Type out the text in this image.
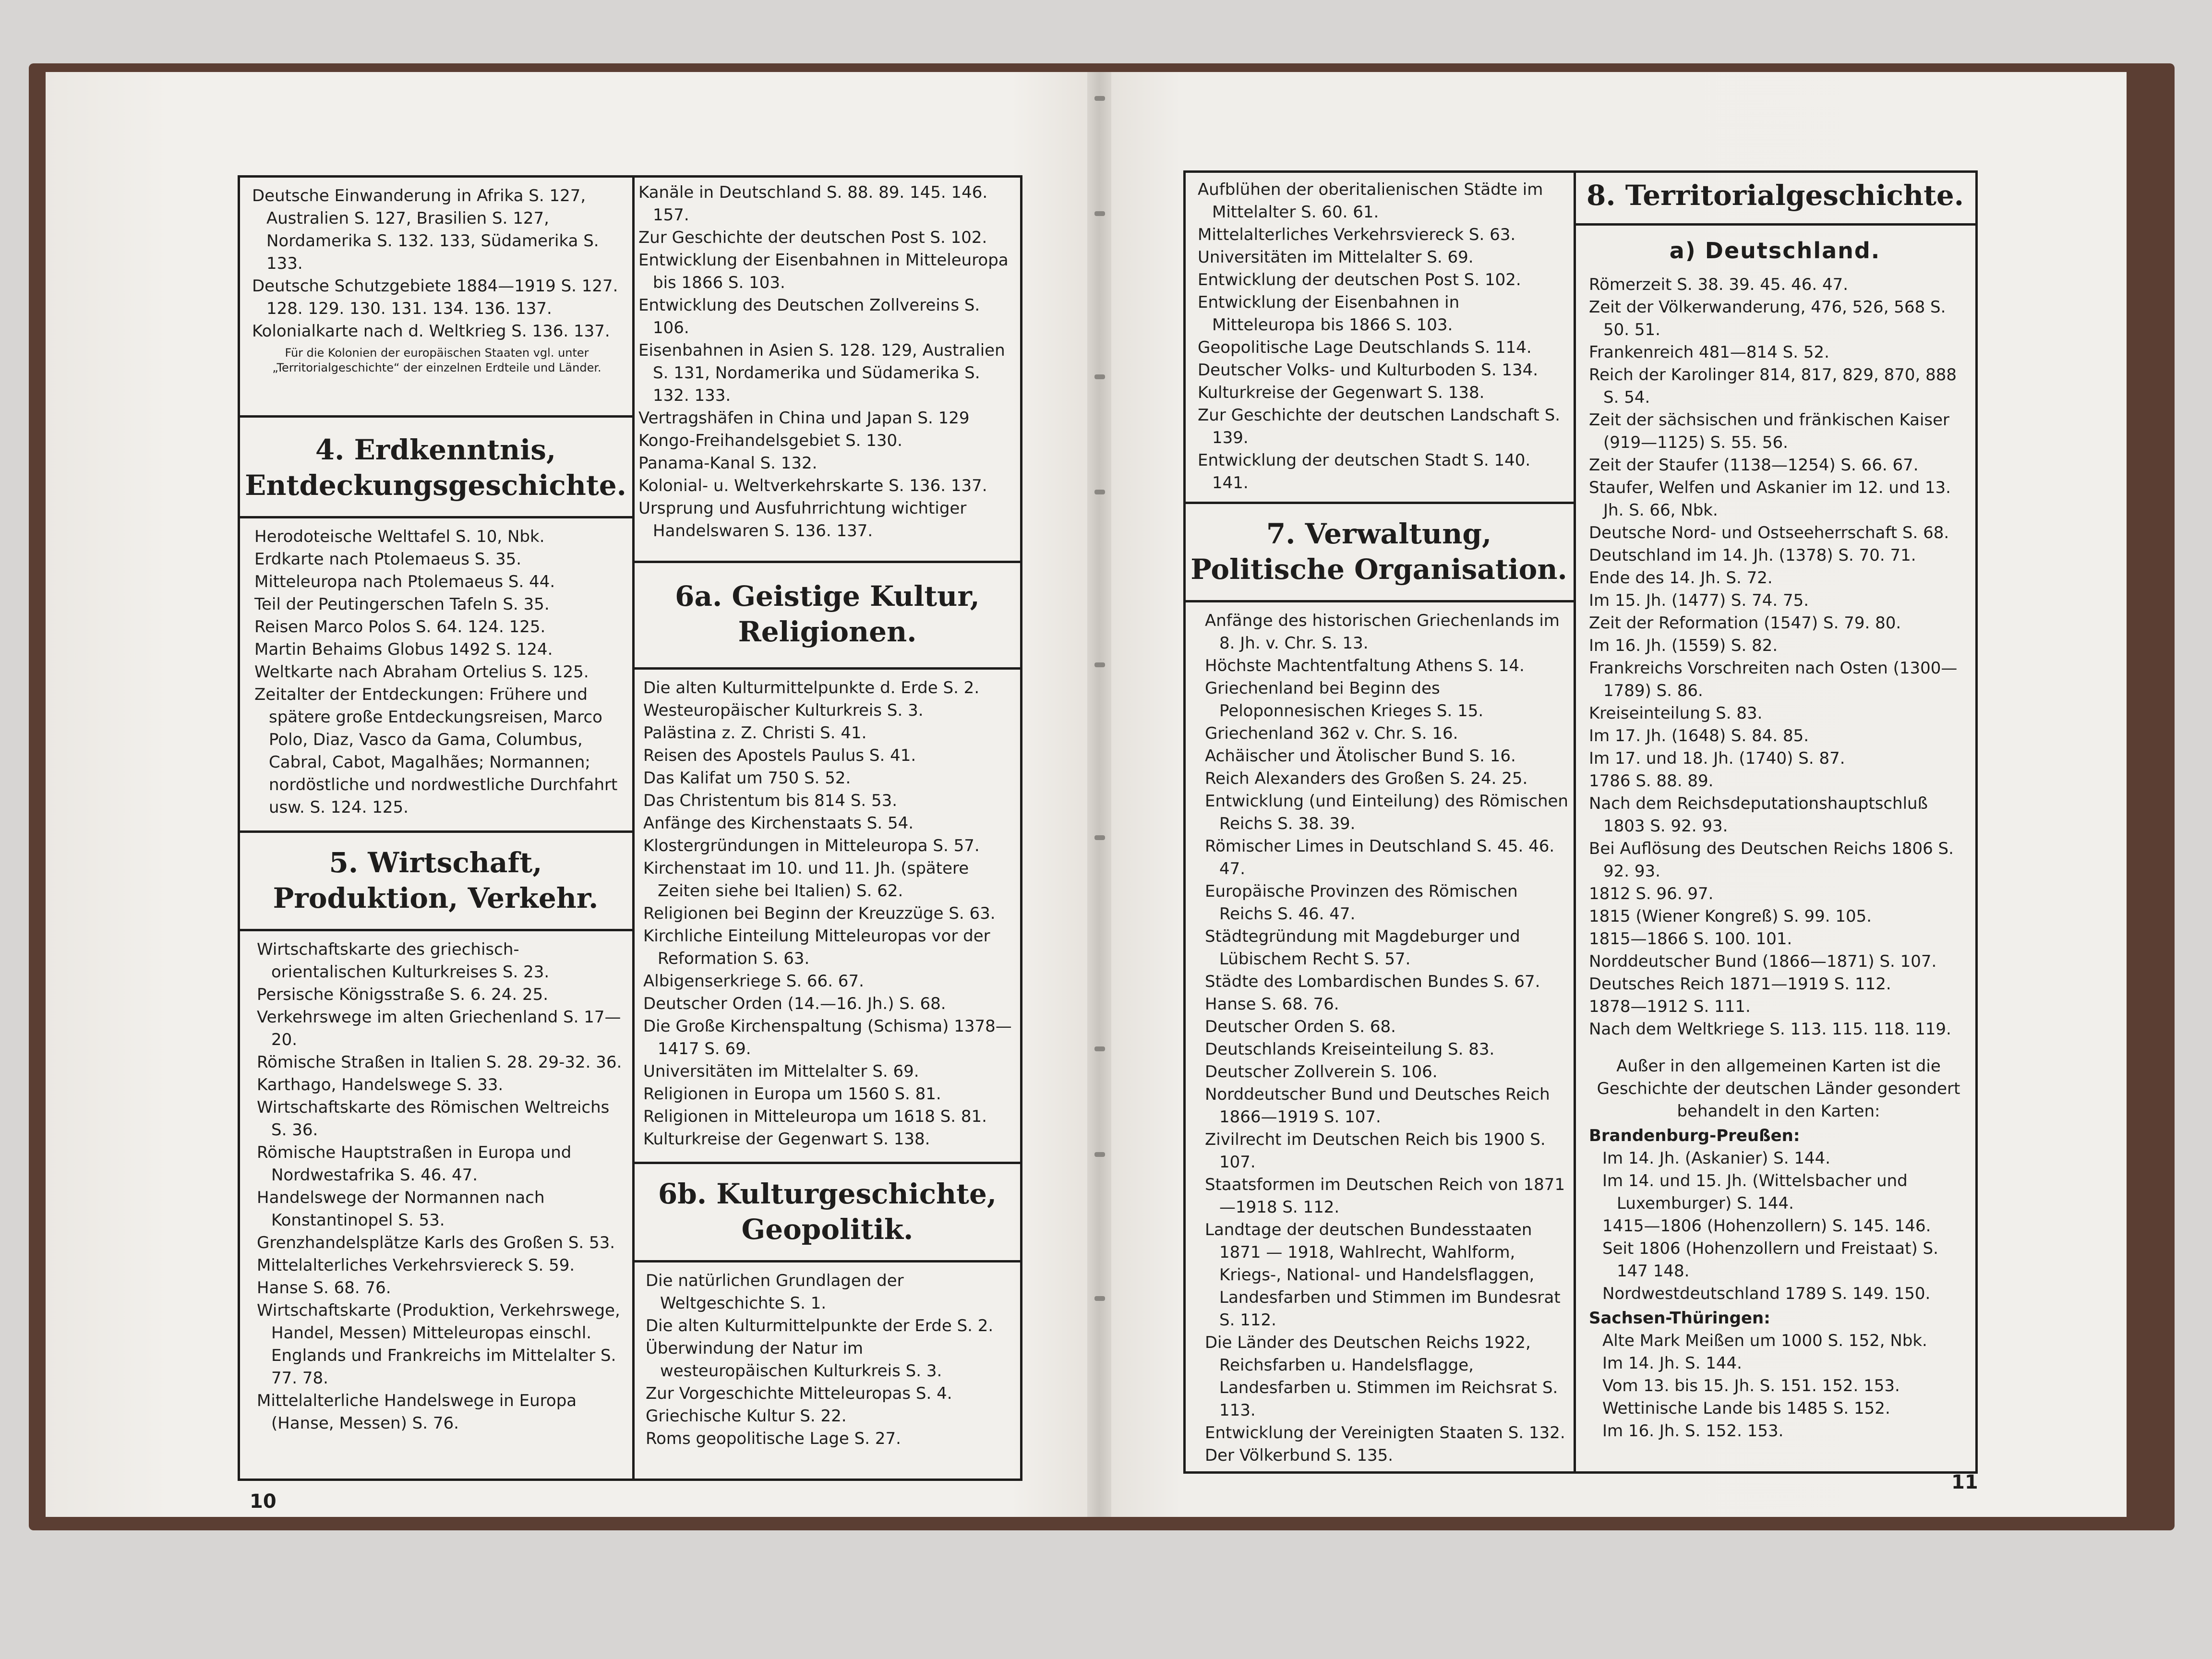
Deutsche Einwanderung in Afrika S. 127, Australien S. 127, Brasilien S. 127, Nordamerika S. 132. 133, Südamerika S. 133.

Deutsche Schutzgebiete 1884—1919 S. 127. 128. 129. 130. 131. 134. 136. 137.

Kolonialkarte nach d. Weltkrieg S. 136. 137.

Für die Kolonien der europäischen Staaten vgl. unter „Territorialgeschichte“ der einzelnen Erdteile und Länder.

4. Erdkenntnis, Entdeckungsgeschichte.

Herodoteische Welttafel S. 10, Nbk.

Erdkarte nach Ptolemaeus S. 35.

Mitteleuropa nach Ptolemaeus S. 44.

Teil der Peutingerschen Tafeln S. 35.

Reisen Marco Polos S. 64. 124. 125.

Martin Behaims Globus 1492 S. 124.

Weltkarte nach Abraham Ortelius S. 125.

Zeitalter der Entdeckungen: Frühere und spätere große Entdeckungsreisen, Marco Polo, Diaz, Vasco da Gama, Columbus, Cabral, Cabot, Magalhães; Normannen; nordöstliche und nordwestliche Durchfahrt usw. S. 124. 125.

5. Wirtschaft, Produktion, Verkehr.

Wirtschaftskarte des griechisch-orientalischen Kulturkreises S. 23.

Persische Königsstraße S. 6. 24. 25.

Verkehrswege im alten Griechenland S. 17—20.

Römische Straßen in Italien S. 28. 29-32. 36.

Karthago, Handelswege S. 33.

Wirtschaftskarte des Römischen Weltreichs S. 36.

Römische Hauptstraßen in Europa und Nordwestafrika S. 46. 47.

Handelswege der Normannen nach Konstantinopel S. 53.

Grenzhandelsplätze Karls des Großen S. 53.

Mittelalterliches Verkehrsviereck S. 59.

Hanse S. 68. 76.

Wirtschaftskarte (Produktion, Verkehrswege, Handel, Messen) Mitteleuropas einschl. Englands und Frankreichs im Mittelalter S. 77. 78.

Mittelalterliche Handelswege in Europa (Hanse, Messen) S. 76.

Kanäle in Deutschland S. 88. 89. 145. 146. 157.

Zur Geschichte der deutschen Post S. 102.

Entwicklung der Eisenbahnen in Mitteleuropa bis 1866 S. 103.

Entwicklung des Deutschen Zollvereins S. 106.

Eisenbahnen in Asien S. 128. 129, Australien S. 131, Nordamerika und Südamerika S. 132. 133.

Vertragshäfen in China und Japan S. 129

Kongo-Freihandelsgebiet S. 130.

Panama-Kanal S. 132.

Kolonial- u. Weltverkehrskarte S. 136. 137.

Ursprung und Ausfuhrrichtung wichtiger Handelswaren S. 136. 137.

6a. Geistige Kultur, Religionen.

Die alten Kulturmittelpunkte d. Erde S. 2.

Westeuropäischer Kulturkreis S. 3.

Palästina z. Z. Christi S. 41.

Reisen des Apostels Paulus S. 41.

Das Kalifat um 750 S. 52.

Das Christentum bis 814 S. 53.

Anfänge des Kirchenstaats S. 54.

Klostergründungen in Mitteleuropa S. 57.

Kirchenstaat im 10. und 11. Jh. (spätere Zeiten siehe bei Italien) S. 62.

Religionen bei Beginn der Kreuzzüge S. 63.

Kirchliche Einteilung Mitteleuropas vor der Reformation S. 63.

Albigenserkriege S. 66. 67.

Deutscher Orden (14.—16. Jh.) S. 68.

Die Große Kirchenspaltung (Schisma) 1378—1417 S. 69.

Universitäten im Mittelalter S. 69.

Religionen in Europa um 1560 S. 81.

Religionen in Mitteleuropa um 1618 S. 81.

Kulturkreise der Gegenwart S. 138.

6b. Kulturgeschichte, Geopolitik.

Die natürlichen Grundlagen der Weltgeschichte S. 1.

Die alten Kulturmittelpunkte der Erde S. 2.

Überwindung der Natur im westeuropäischen Kulturkreis S. 3.

Zur Vorgeschichte Mitteleuropas S. 4.

Griechische Kultur S. 22.

Roms geopolitische Lage S. 27.

10

Aufblühen der oberitalienischen Städte im Mittelalter S. 60. 61.

Mittelalterliches Verkehrsviereck S. 63.

Universitäten im Mittelalter S. 69.

Entwicklung der deutschen Post S. 102.

Entwicklung der Eisenbahnen in Mitteleuropa bis 1866 S. 103.

Geopolitische Lage Deutschlands S. 114.

Deutscher Volks- und Kulturboden S. 134.

Kulturkreise der Gegenwart S. 138.

Zur Geschichte der deutschen Landschaft S. 139.

Entwicklung der deutschen Stadt S. 140. 141.

7. Verwaltung, Politische Organisation.

Anfänge des historischen Griechenlands im 8. Jh. v. Chr. S. 13.

Höchste Machtentfaltung Athens S. 14.

Griechenland bei Beginn des Peloponnesischen Krieges S. 15.

Griechenland 362 v. Chr. S. 16.

Achäischer und Ätolischer Bund S. 16.

Reich Alexanders des Großen S. 24. 25.

Entwicklung (und Einteilung) des Römischen Reichs S. 38. 39.

Römischer Limes in Deutschland S. 45. 46. 47.

Europäische Provinzen des Römischen Reichs S. 46. 47.

Städtegründung mit Magdeburger und Lübischem Recht S. 57.

Städte des Lombardischen Bundes S. 67.

Hanse S. 68. 76.

Deutscher Orden S. 68.

Deutschlands Kreiseinteilung S. 83.

Deutscher Zollverein S. 106.

Norddeutscher Bund und Deutsches Reich 1866—1919 S. 107.

Zivilrecht im Deutschen Reich bis 1900 S. 107.

Staatsformen im Deutschen Reich von 1871—1918 S. 112.

Landtage der deutschen Bundesstaaten 1871 — 1918, Wahlrecht, Wahlform, Kriegs-, National- und Handelsflaggen, Landesfarben und Stimmen im Bundesrat S. 112.

Die Länder des Deutschen Reichs 1922, Reichsfarben u. Handelsflagge, Landesfarben u. Stimmen im Reichsrat S. 113.

Entwicklung der Vereinigten Staaten S. 132.

Der Völkerbund S. 135.

8. Territorialgeschichte.

a) Deutschland.

Römerzeit S. 38. 39. 45. 46. 47.

Zeit der Völkerwanderung, 476, 526, 568 S. 50. 51.

Frankenreich 481—814 S. 52.

Reich der Karolinger 814, 817, 829, 870, 888 S. 54.

Zeit der sächsischen und fränkischen Kaiser (919—1125) S. 55. 56.

Zeit der Staufer (1138—1254) S. 66. 67.

Staufer, Welfen und Askanier im 12. und 13. Jh. S. 66, Nbk.

Deutsche Nord- und Ostseeherrschaft S. 68.

Deutschland im 14. Jh. (1378) S. 70. 71.

Ende des 14. Jh. S. 72.

Im 15. Jh. (1477) S. 74. 75.

Zeit der Reformation (1547) S. 79. 80.

Im 16. Jh. (1559) S. 82.

Frankreichs Vorschreiten nach Osten (1300—1789) S. 86.

Kreiseinteilung S. 83.

Im 17. Jh. (1648) S. 84. 85.

Im 17. und 18. Jh. (1740) S. 87.

1786 S. 88. 89.

Nach dem Reichsdeputationshauptschluß 1803 S. 92. 93.

Bei Auflösung des Deutschen Reichs 1806 S. 92. 93.

1812 S. 96. 97.

1815 (Wiener Kongreß) S. 99. 105.

1815—1866 S. 100. 101.

Norddeutscher Bund (1866—1871) S. 107.

Deutsches Reich 1871—1919 S. 112.

1878—1912 S. 111.

Nach dem Weltkriege S. 113. 115. 118. 119.

Außer in den allgemeinen Karten ist die Geschichte der deutschen Länder gesondert behandelt in den Karten:

Brandenburg-Preußen:

Im 14. Jh. (Askanier) S. 144.

Im 14. und 15. Jh. (Wittelsbacher und Luxemburger) S. 144.

1415—1806 (Hohenzollern) S. 145. 146.

Seit 1806 (Hohenzollern und Freistaat) S. 147 148.

Nordwestdeutschland 1789 S. 149. 150.

Sachsen-Thüringen:

Alte Mark Meißen um 1000 S. 152, Nbk.

Im 14. Jh. S. 144.

Vom 13. bis 15. Jh. S. 151. 152. 153.

Wettinische Lande bis 1485 S. 152.

Im 16. Jh. S. 152. 153.

11
